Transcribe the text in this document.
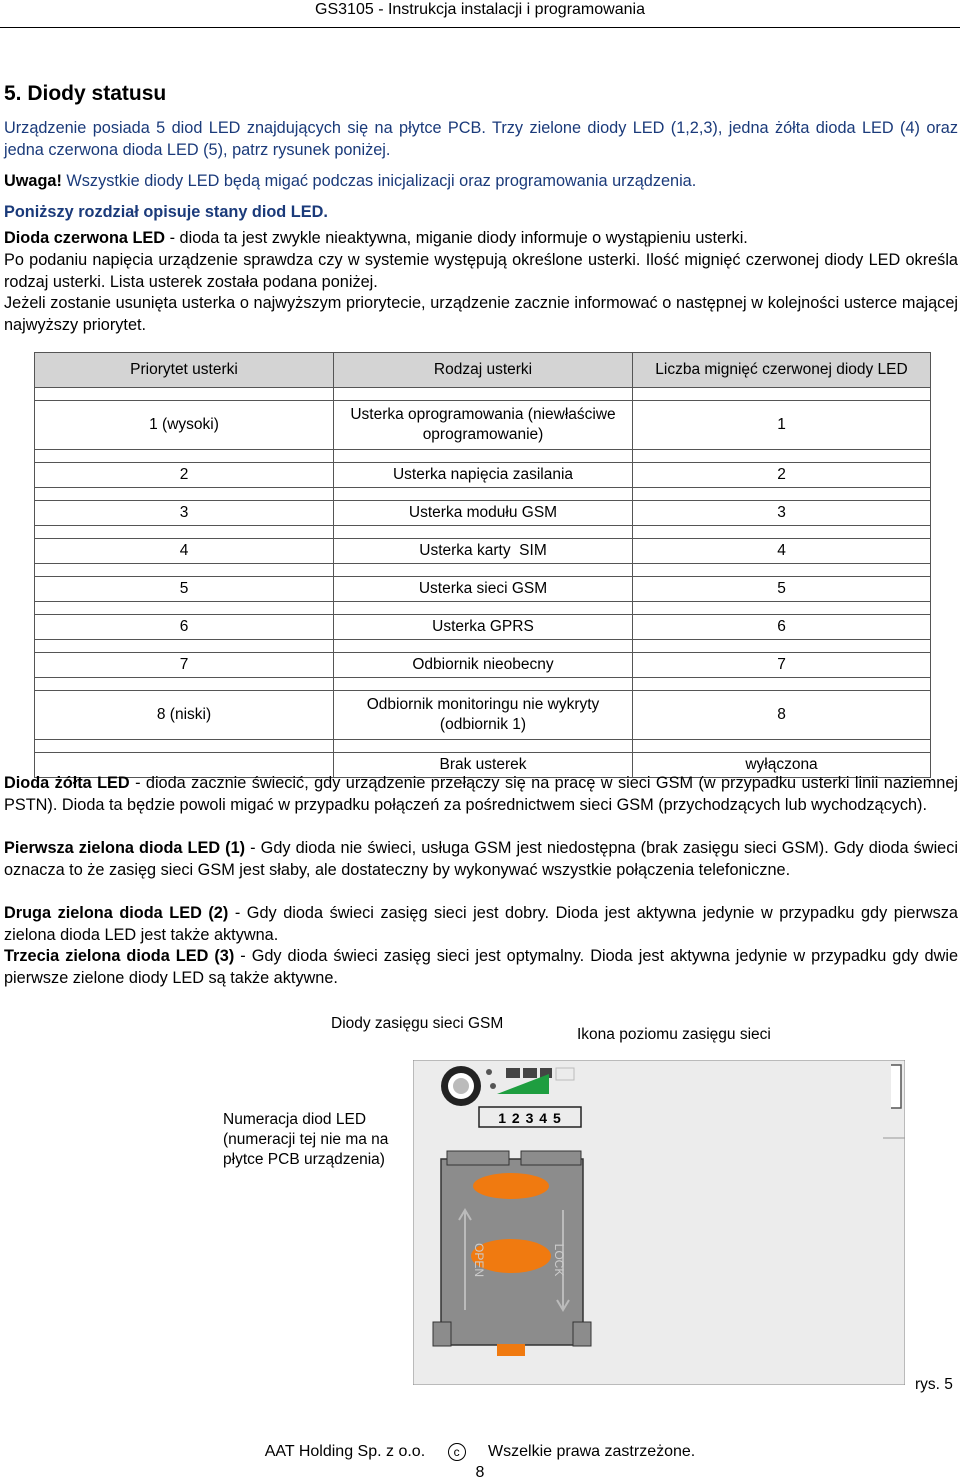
GS3105 - Instrukcja instalacji i programowania
5. Diody statusu

Urządzenie posiada 5 diod LED znajdujących się na płytce PCB. Trzy zielone diody LED (1,2,3), jedna żółta dioda LED (4) oraz jedna czerwona dioda LED (5), patrz rysunek poniżej.

Uwaga! Wszystkie diody LED będą migać podczas inicjalizacji oraz programowania urządzenia.

Poniższy rozdział opisuje stany diod LED.

Dioda czerwona LED - dioda ta jest zwykle nieaktywna, miganie diody informuje o wystąpieniu usterki.

Po podaniu napięcia urządzenie sprawdza czy w systemie występują określone usterki. Ilość mignięć czerwonej diody LED określa rodzaj usterki. Lista usterek została podana poniżej.

Jeżeli zostanie usunięta usterka o najwyższym priorytecie, urządzenie zacznie informować o następnej w kolejności usterce mającej najwyższy priorytet.

Priorytet usterki	Rodzaj usterki	Liczba mignięć czerwonej diody LED

1 (wysoki)	Usterka oprogramowania (niewłaściwe oprogramowanie)	1

2	Usterka napięcia zasilania	2

3	Usterka modułu GSM	3

4	Usterka karty  SIM	4

5	Usterka sieci GSM	5

6	Usterka GPRS	6

7	Odbiornik nieobecny	7

8 (niski)	Odbiornik monitoringu nie wykryty (odbiornik 1)	8

	Brak usterek	wyłączona

Dioda żółta LED - dioda zacznie świecić, gdy urządzenie przełączy się na pracę w sieci GSM (w przypadku usterki linii naziemnej PSTN). Dioda ta będzie powoli migać w przypadku połączeń za pośrednictwem sieci GSM (przychodzących lub wychodzących).

Pierwsza zielona dioda LED (1) - Gdy dioda nie świeci, usługa GSM jest niedostępna (brak zasięgu sieci GSM). Gdy dioda świeci oznacza to że zasięg sieci GSM jest słaby, ale dostateczny by wykonywać wszystkie połączenia telefoniczne.

Druga zielona dioda LED (2) - Gdy dioda świeci zasięg sieci jest dobry. Dioda jest aktywna jedynie w przypadku gdy pierwsza zielona dioda LED jest także aktywna.

Trzecia zielona dioda LED (3) - Gdy dioda świeci zasięg sieci jest optymalny. Dioda jest aktywna jedynie w przypadku gdy dwie pierwsze zielone diody LED są także aktywne.

Diody zasięgu sieci GSM
Ikona poziomu zasięgu sieci
Numeracja diod LED (numeracji tej nie ma na płytce PCB urządzenia)
1 2 3 4 5
OPEN	LOCK
rys. 5
AAT Holding Sp. z o.o. c Wszelkie prawa zastrzeżone.
8
